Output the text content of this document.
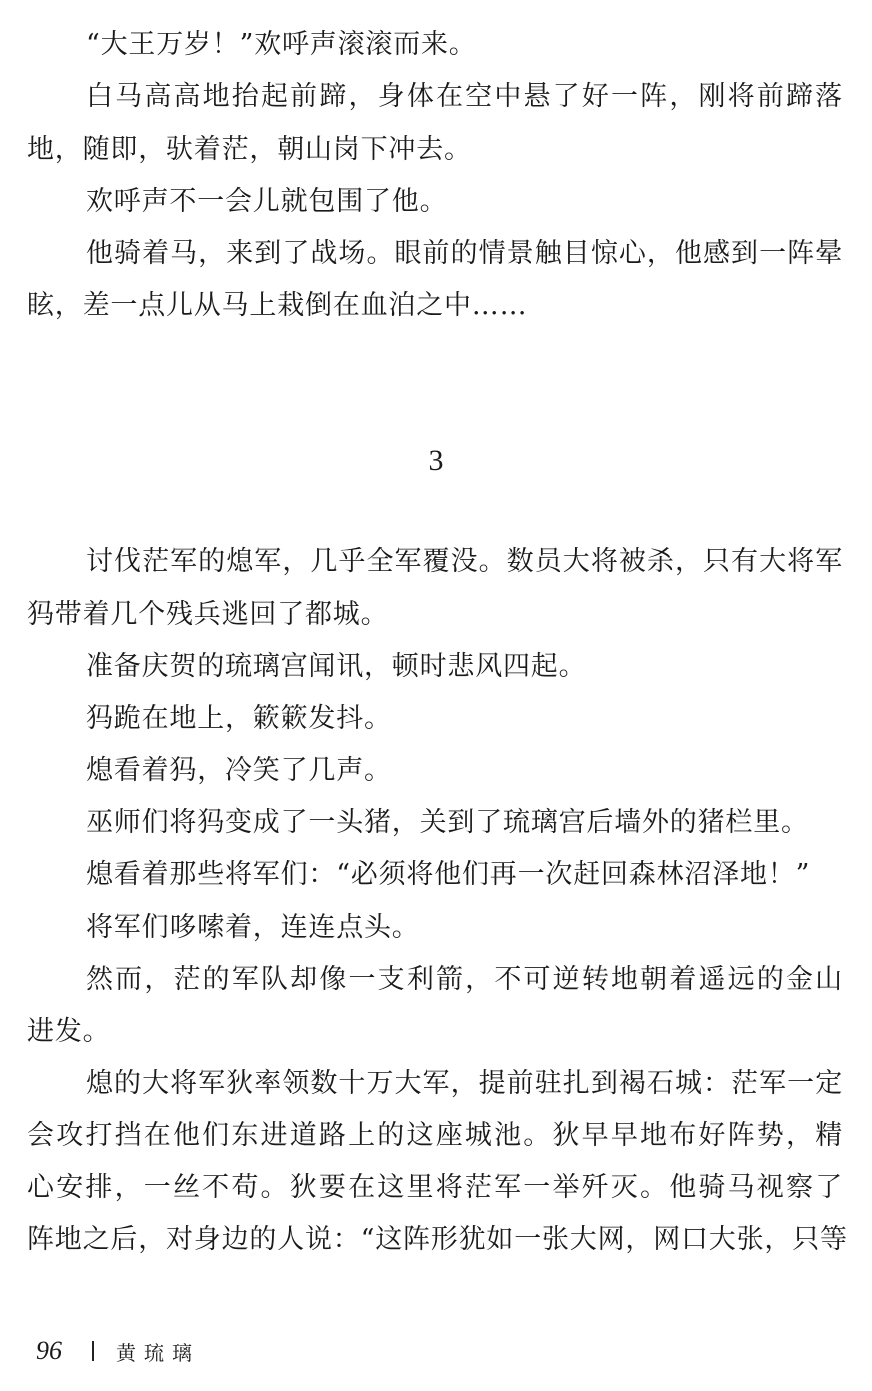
“大王万岁！”欢呼声滚滚而来。
白马高高地抬起前蹄，身体在空中悬了好一阵，刚将前蹄落
地，随即，驮着茫，朝山岗下冲去。
欢呼声不一会儿就包围了他。
他骑着马，来到了战场。眼前的情景触目惊心，他感到一阵晕
眩，差一点儿从马上栽倒在血泊之中……
3
讨伐茫军的熄军，几乎全军覆没。数员大将被杀，只有大将军
犸带着几个残兵逃回了都城。
准备庆贺的琉璃宫闻讯，顿时悲风四起。
犸跪在地上，簌簌发抖。
熄看着犸，冷笑了几声。
巫师们将犸变成了一头猪，关到了琉璃宫后墙外的猪栏里。
熄看着那些将军们：“必须将他们再一次赶回森林沼泽地！”
将军们哆嗦着，连连点头。
然而，茫的军队却像一支利箭，不可逆转地朝着遥远的金山
进发。
熄的大将军狄率领数十万大军，提前驻扎到褐石城：茫军一定
会攻打挡在他们东进道路上的这座城池。狄早早地布好阵势，精
心安排，一丝不苟。狄要在这里将茫军一举歼灭。他骑马视察了
阵地之后，对身边的人说：“这阵形犹如一张大网，网口大张，只等
96	黄琉璃
